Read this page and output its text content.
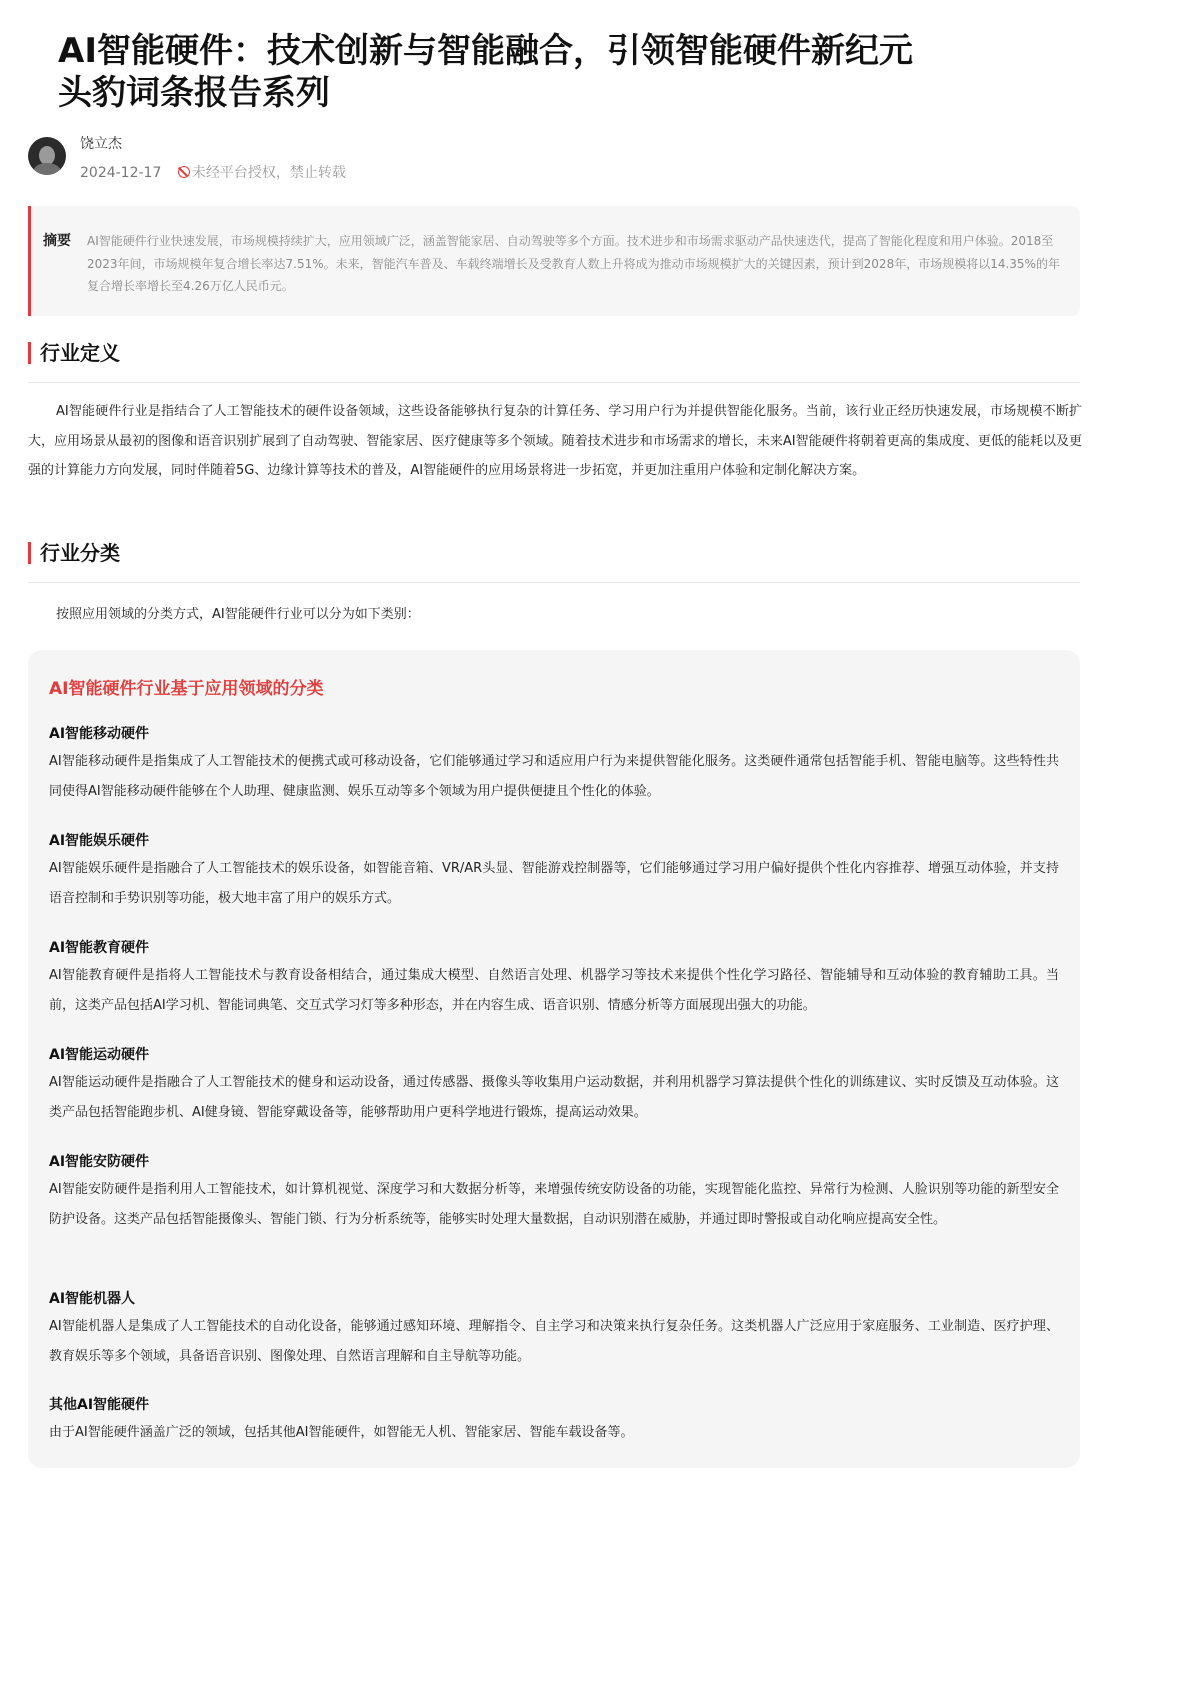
AI智能硬件：技术创新与智能融合，引领智能硬件新纪元
头豹词条报告系列
饶立杰
2024-12-17 未经平台授权，禁止转载
摘要 AI智能硬件行业快速发展，市场规模持续扩大，应用领域广泛，涵盖智能家居、自动驾驶等多个方面。技术进步和市场需求驱动产品快速迭代，提高了智能化程度和用户体验。2018至2023年间，市场规模年复合增长率达7.51%。未来，智能汽车普及、车载终端增长及受教育人数上升将成为推动市场规模扩大的关键因素，预计到2028年，市场规模将以14.35%的年复合增长率增长至4.26万亿人民币元。
行业定义
AI智能硬件行业是指结合了人工智能技术的硬件设备领域，这些设备能够执行复杂的计算任务、学习用户行为并提供智能化服务。当前，该行业正经历快速发展，市场规模不断扩大，应用场景从最初的图像和语音识别扩展到了自动驾驶、智能家居、医疗健康等多个领域。随着技术进步和市场需求的增长，未来AI智能硬件将朝着更高的集成度、更低的能耗以及更强的计算能力方向发展，同时伴随着5G、边缘计算等技术的普及，AI智能硬件的应用场景将进一步拓宽，并更加注重用户体验和定制化解决方案。
行业分类
按照应用领域的分类方式，AI智能硬件行业可以分为如下类别：
AI智能硬件行业基于应用领域的分类
AI智能移动硬件
AI智能移动硬件是指集成了人工智能技术的便携式或可移动设备，它们能够通过学习和适应用户行为来提供智能化服务。这类硬件通常包括智能手机、智能电脑等。这些特性共同使得AI智能移动硬件能够在个人助理、健康监测、娱乐互动等多个领域为用户提供便捷且个性化的体验。
AI智能娱乐硬件
AI智能娱乐硬件是指融合了人工智能技术的娱乐设备，如智能音箱、VR/AR头显、智能游戏控制器等，它们能够通过学习用户偏好提供个性化内容推荐、增强互动体验，并支持语音控制和手势识别等功能，极大地丰富了用户的娱乐方式。
AI智能教育硬件
AI智能教育硬件是指将人工智能技术与教育设备相结合，通过集成大模型、自然语言处理、机器学习等技术来提供个性化学习路径、智能辅导和互动体验的教育辅助工具。当前，这类产品包括AI学习机、智能词典笔、交互式学习灯等多种形态，并在内容生成、语音识别、情感分析等方面展现出强大的功能。
AI智能运动硬件
AI智能运动硬件是指融合了人工智能技术的健身和运动设备，通过传感器、摄像头等收集用户运动数据，并利用机器学习算法提供个性化的训练建议、实时反馈及互动体验。这类产品包括智能跑步机、AI健身镜、智能穿戴设备等，能够帮助用户更科学地进行锻炼，提高运动效果。
AI智能安防硬件
AI智能安防硬件是指利用人工智能技术，如计算机视觉、深度学习和大数据分析等，来增强传统安防设备的功能，实现智能化监控、异常行为检测、人脸识别等功能的新型安全防护设备。这类产品包括智能摄像头、智能门锁、行为分析系统等，能够实时处理大量数据，自动识别潜在威胁，并通过即时警报或自动化响应提高安全性。
AI智能机器人
AI智能机器人是集成了人工智能技术的自动化设备，能够通过感知环境、理解指令、自主学习和决策来执行复杂任务。这类机器人广泛应用于家庭服务、工业制造、医疗护理、教育娱乐等多个领域，具备语音识别、图像处理、自然语言理解和自主导航等功能。
其他AI智能硬件
由于AI智能硬件涵盖广泛的领域，包括其他AI智能硬件，如智能无人机、智能家居、智能车载设备等。
